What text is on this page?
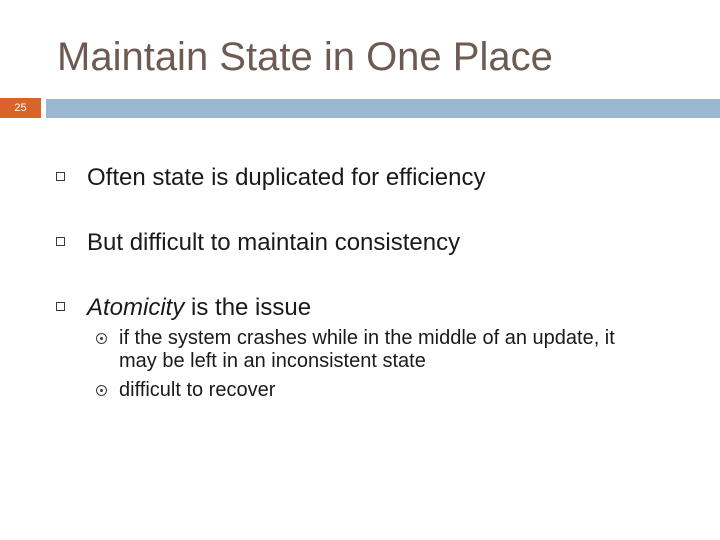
Maintain State in One Place
25
Often state is duplicated for efficiency
But difficult to maintain consistency
Atomicity is the issue
if the system crashes while in the middle of an update, it may be left in an inconsistent state
difficult to recover
